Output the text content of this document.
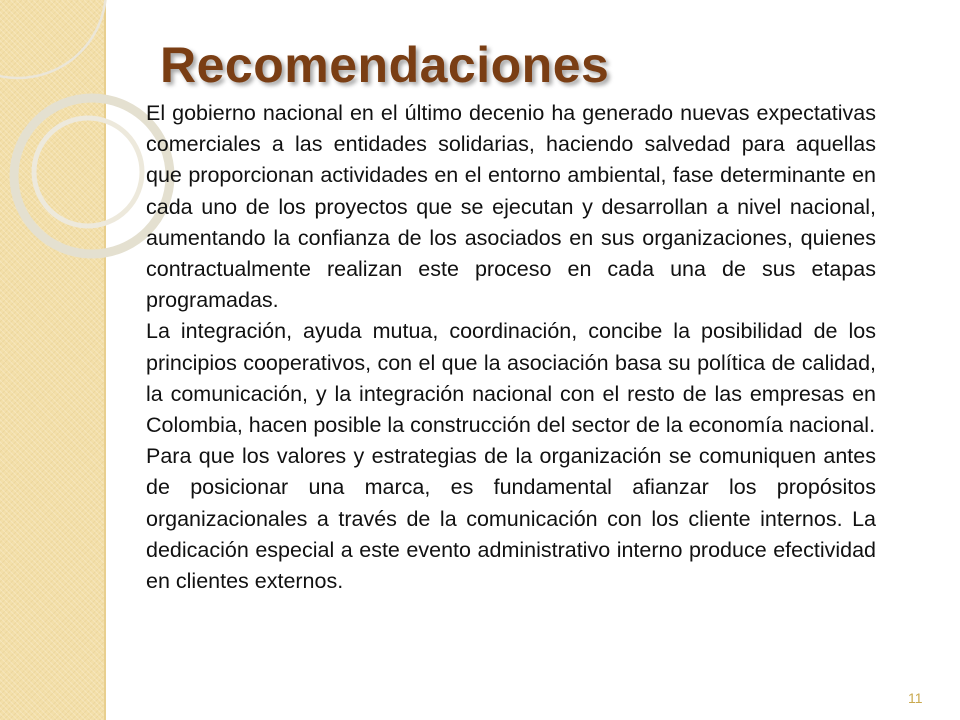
Recomendaciones

El gobierno nacional en el último decenio ha generado nuevas expectativas comerciales a las entidades solidarias, haciendo salvedad para aquellas que proporcionan actividades en el entorno ambiental, fase determinante en cada uno de los proyectos que se ejecutan y desarrollan a nivel nacional, aumentando la confianza de los asociados en sus organizaciones, quienes contractualmente realizan este proceso en cada una de sus etapas programadas.

La integración, ayuda mutua, coordinación, concibe la posibilidad de los principios cooperativos, con el que la asociación basa su política de calidad, la comunicación, y la integración nacional con el resto de las empresas en Colombia, hacen posible la construcción del sector de la economía nacional.

Para que los valores y estrategias de la organización se comuniquen antes de posicionar una marca, es fundamental afianzar los propósitos organizacionales a través de la comunicación con los cliente internos. La dedicación especial a este evento administrativo interno produce efectividad en clientes externos.

11
